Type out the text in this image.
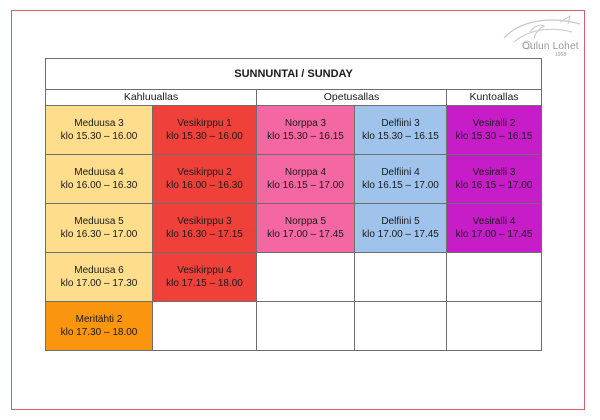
Oulun Lohet
1968
SUNNUNTAI / SUNDAY				
Kahluuallas		Opetusallas		Kuntoallas

Meduusa 3
klo 15.30 – 16.00	Vesikirppu 1
klo 15.30 – 16.00	Norppa 3
klo 15.30 – 16.15	Delfiini 3
klo 15.30 – 16.15	Vesiralli 2
klo 15.30 – 16.15

Meduusa 4
klo 16.00 – 16.30	Vesikirppu 2
klo 16.00 – 16.30	Norppa 4
klo 16.15 – 17.00	Delfiini 4
klo 16.15 – 17.00	Vesiralli 3
klo 16.15 – 17.00

Meduusa 5
klo 16.30 – 17.00	Vesikirppu 3
klo 16.30 – 17.15	Norppa 5
klo 17.00 – 17.45	Delfiini 5
klo 17.00 – 17.45	Vesiralli 4
klo 17.00 – 17.45

Meduusa 6
klo 17.00 – 17.30	Vesikirppu 4
klo 17.15 – 18.00			

Meritähti 2
klo 17.30 – 18.00				
